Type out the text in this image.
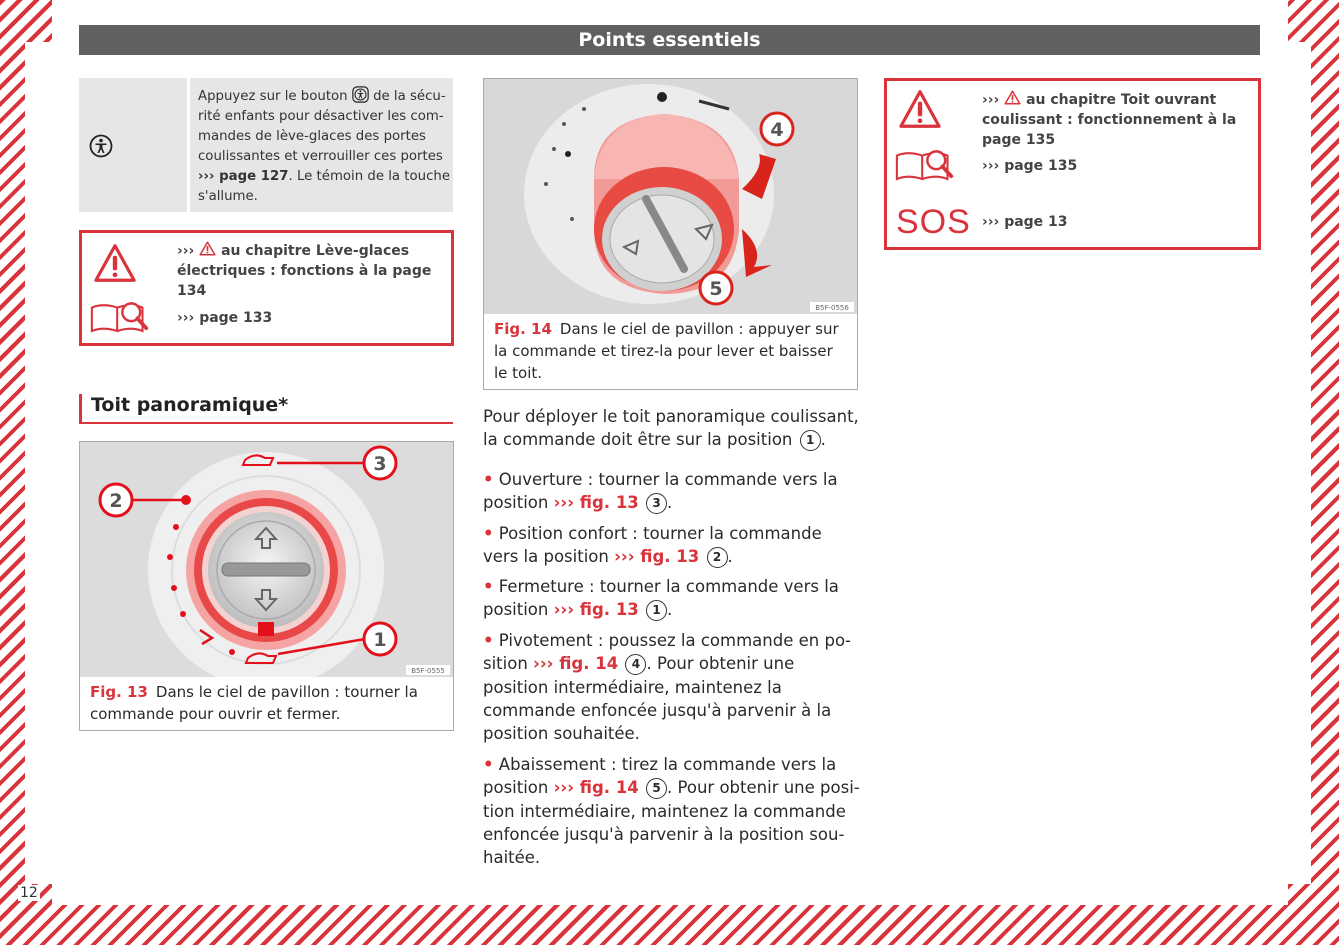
Points essentiels
Appuyez sur le bouton de la sécurité enfants pour désactiver les commandes de lève-glaces des portes coulissantes et verrouiller ces portes ››› page 127. Le témoin de la touche s'allume.
››› au chapitre Lève-glaces électriques : fonctions à la page 134
››› page 133
Toit panoramique*
2
3
1
B5F-0555
Fig. 13 Dans le ciel de pavillon : tourner la commande pour ouvrir et fermer.
4
5
B5F-0556
Fig. 14 Dans le ciel de pavillon : appuyer sur la commande et tirez-la pour lever et baisser le toit.

Pour déployer le toit panoramique coulissant, la commande doit être sur la position 1 .

• Ouverture : tourner la commande vers la position ››› fig. 13 3 .

• Position confort : tourner la commande vers la position ››› fig. 13 2 .

• Fermeture : tourner la commande vers la position ››› fig. 13 1 .

• Pivotement : poussez la commande en position ››› fig. 14 4 . Pour obtenir une position intermédiaire, maintenez la commande enfoncée jusqu'à parvenir à la position souhaitée.

• Abaissement : tirez la commande vers la position ››› fig. 14 5 . Pour obtenir une position intermédiaire, maintenez la commande enfoncée jusqu'à parvenir à la position souhaitée.

SOS
››› au chapitre Toit ouvrant coulissant : fonctionnement à la page 135
››› page 135
››› page 13
12
